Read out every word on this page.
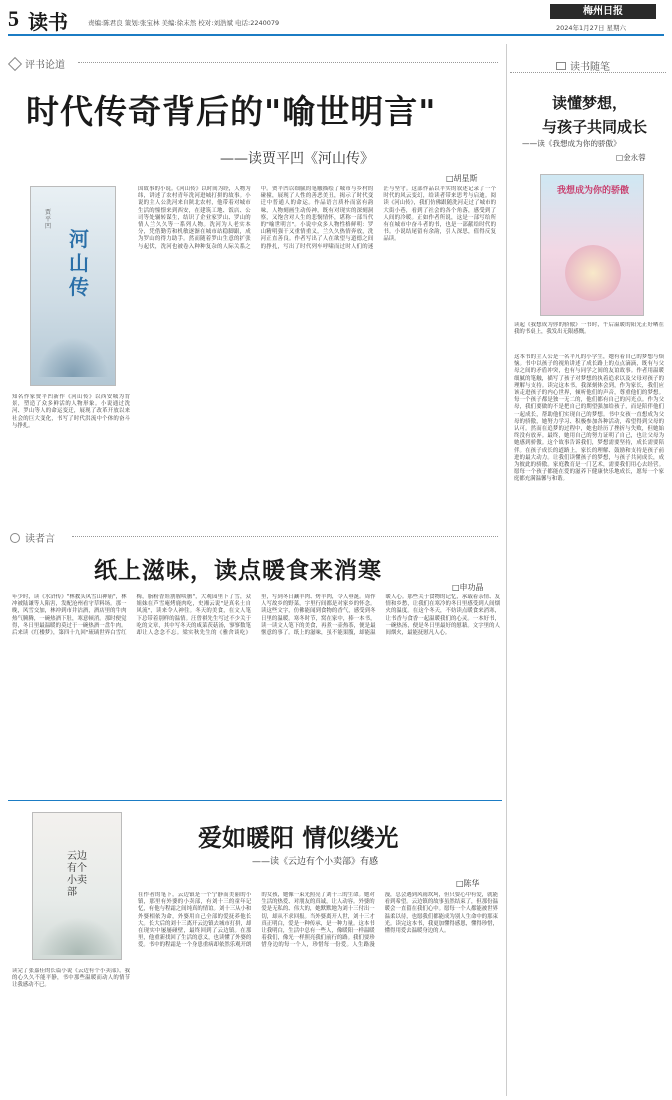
5 读书	责编:陈君良 策划:张宝林 美编:徐末然 校对:刘浩斌 电话:2240079
梅州日报
2024年1月27日 星期六
评书论道
时代传奇背后的"喻世明言"
——读贾平凹《河山传》
□胡星斯
河山传
贾平凹
知名作家贾平凹新作《河山传》以西安城为背景，塑造了众多鲜活的人物形象。小说通过洗河、罗山等人的命运变迁，展现了改革开放以来社会的巨大变化，书写了时代洪流中个体的奋斗与挣扎。
国故事的小说。《河山传》以时间为经，人物为纬，讲述了农村青年洗河进城打拼的故事。小说的主人公洗河来自陕北农村，他带着对城市生活的憧憬来到西安，在建筑工地、饭店、公司等处辗转谋生，结识了企业家罗山、罗山的情人兰久久等一系列人物。洗河为人老实本分，凭借勤劳和机敏逐渐在城市站稳脚跟，成为罗山的得力助手。然而随着罗山生意的扩张与起伏，洗河也被卷入种种复杂的人际关系之中。贾平凹以细腻的笔触描绘了城市与乡村的碰撞，展现了人性的善恶美丑，揭示了时代变迁中普通人的命运。作品语言质朴而富有韵味，人物刻画生动传神，既有对现实的深刻洞察，又饱含对人生的悲悯情怀，堪称一部当代的"喻世明言"。小说中众多人物性格鲜明：罗山精明强干又重情重义，兰久久热情奔放，洗河正直善良。作者写出了人在欲望与道德之间的挣扎，写出了时代列车呼啸而过时人们的迷茫与坚守。这部作品以平实的叙述记录了一个时代的风云变幻，给读者带来思考与启迪。阅读《河山传》，我们仿佛跟随洗河走过了城市的大街小巷，看到了社会的各个角落，感受到了人间的冷暖。正如作者所说，这是一部写给所有在城市中奋斗者的书，也是一部献给时代的书。小说结尾留有余韵，引人深思，值得反复品读。
读书随笔
读懂梦想，
与孩子共同成长
——读《我想成为你的骄傲》
□金永蓉
我想成为你的骄傲
读起《我想成为你的骄傲》一书时，午后温暖的阳光正好晒在我的书桌上，我发出无限感慨。
这本书的主人公是一名平凡的小学生，她有着自己的梦想与烦恼。书中以孩子的视角讲述了成长路上的点点滴滴，既有与父母之间的矛盾冲突，也有与同学之间的友谊故事。作者用温暖细腻的笔触，描写了孩子对梦想的执着追求以及父母对孩子的理解与支持。读完这本书，我深刻体会到，作为家长，我们应该走进孩子的内心世界，倾听他们的声音，尊重他们的梦想。每一个孩子都是独一无二的，他们都有自己的闪光点。作为父母，我们要做的不是把自己的期望强加给孩子，而是陪伴他们一起成长，帮助他们实现自己的梦想。书中女孩一直想成为父母的骄傲，她努力学习、积极参加各种活动，希望得到父母的认可。然而在追梦的过程中，她也经历了挫折与失败，但她始终没有放弃。最终，她用自己的努力证明了自己，也让父母为她感到骄傲。这个故事告诉我们，梦想需要坚持，成长需要陪伴。在孩子成长的道路上，家长的理解、鼓励和支持是孩子前进的最大动力。让我们读懂孩子的梦想，与孩子共同成长，成为彼此的骄傲。家庭教育是一门艺术，需要我们用心去经营。愿每一个孩子都能在爱的滋养下健康快乐地成长，愿每一个家庭都充满温馨与和谐。
读者言
纸上滋味，读点暖食来消寒
□申功晶
年少时，读《水浒传》"林教头风雪山神庙"，林冲被陆谦等人陷害，发配沧州看守草料场。那一晚，风雪交加，林冲到市井沽酒，酒店里的牛肉热气腾腾，一碗热酒下肚，寒意顿消。那时便觉得，冬日里最温暖的莫过于一碗热酒一盘牛肉。后来读《红楼梦》，第四十九回"琉璃世界白雪红梅，脂粉香娃割腥啖膻"，大观园里下了雪，众姐妹在芦雪庵烤鹿肉吃，史湘云说"是真名士自风流"，读来令人神往。冬天的美食，在文人笔下总带着别样的温情。汪曾祺先生写过不少关于吃的文章，其中写冬天的咸菜茨菇汤，寥寥数笔却让人念念不忘。梁实秋先生的《雅舍谈吃》里，写到冬日涮羊肉、烤羊肉，令人垂涎。周作人写故乡的野菜，字里行间都是对家乡的怀念。读这些文字，仿佛能闻到食物的香气，感受到冬日里的温暖。寒冬时节，窝在家中，捧一本书，读一读文人笔下的美食，再煮一壶热茶，便是最惬意的事了。纸上的滋味，虽不能果腹，却能温暖人心。那些关于食物的记忆，承载着亲情、友情和乡愁，让我们在寒冷的冬日里感受到人间烟火的温度。在这个冬天，不妨读点暖食来消寒，让书香与食香一起温暖我们的心灵。一本好书，一碗热汤，便是冬日里最好的慰藉。文字里的人间烟火，最能抚慰凡人心。
爱如暖阳 情似缕光
——读《云边有个小卖部》有感
□陈华
云边有个小卖部
读完了张嘉佳的长篇小说《云边有个小卖部》，我的心久久不能平静，书中那些温暖而动人的情节让我感动不已。
在作者的笔下，云边镇是一个宁静而美丽的小镇，那里有外婆的小卖部，有刘十三的童年记忆，有他与程霜之间纯真的情谊。刘十三从小和外婆相依为命，外婆用自己全部的爱抚养他长大。长大后的刘十三离开云边镇去城市打拼，却在现实中屡屡碰壁，最终回到了云边镇。在那里，他重新找回了生活的意义，也读懂了外婆的爱。书中的程霜是一个身患重病却依然乐观开朗的女孩，她像一束光照亮了刘十三的生命。她对生活的热爱、对朋友的真诚，让人动容。外婆的爱是无私的、伟大的，她默默地为刘十三付出一切，却从不求回报。当外婆离开人世，刘十三才真正明白，爱是一种传承，是一种力量。这本书让我明白，生活中总有一些人，像暖阳一样温暖着我们，像光一样照亮我们前行的路。我们要珍惜身边的每一个人，珍惜每一份爱。人生路漫漫，总会遇到风雨坎坷，但只要心中有爱，就能看到希望。云边镇的故事虽然结束了，但那份温暖会一直留在我们心中。愿每一个人都能被世界温柔以待，也愿我们都能成为别人生命中的那束光。读完这本书，我更加懂得感恩，懂得珍惜，懂得用爱去温暖身边的人。
